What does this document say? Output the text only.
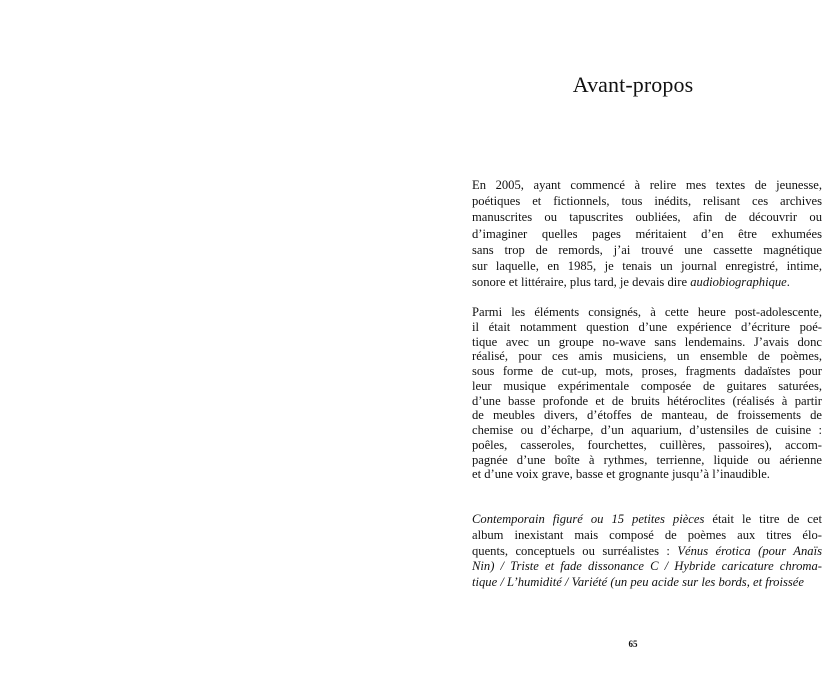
Avant-propos
En 2005, ayant commencé à relire mes textes de jeunesse,
poétiques et fictionnels, tous inédits, relisant ces archives
manuscrites ou tapuscrites oubliées, afin de découvrir ou
d’imaginer quelles pages méritaient d’en être exhumées
sans trop de remords, j’ai trouvé une cassette magnétique
sur laquelle, en 1985, je tenais un journal enregistré, intime,
sonore et littéraire, plus tard, je devais dire audiobiographique.
Parmi les éléments consignés, à cette heure post-adolescente,
il était notamment question d’une expérience d’écriture poé-
tique avec un groupe no-wave sans lendemains. J’avais donc
réalisé, pour ces amis musiciens, un ensemble de poèmes,
sous forme de cut-up, mots, proses, fragments dadaïstes pour
leur musique expérimentale composée de guitares saturées,
d’une basse profonde et de bruits hétéroclites (réalisés à partir
de meubles divers, d’étoffes de manteau, de froissements de
chemise ou d’écharpe, d’un aquarium, d’ustensiles de cuisine :
poêles, casseroles, fourchettes, cuillères, passoires), accom-
pagnée d’une boîte à rythmes, terrienne, liquide ou aérienne
et d’une voix grave, basse et grognante jusqu’à l’inaudible.
Contemporain figuré ou 15 petites pièces était le titre de cet
album inexistant mais composé de poèmes aux titres élo-
quents, conceptuels ou surréalistes : Vénus érotica (pour Anaïs
Nin) / Triste et fade dissonance C / Hybride caricature chroma-
tique / L’humidité / Variété (un peu acide sur les bords, et froissée
65
